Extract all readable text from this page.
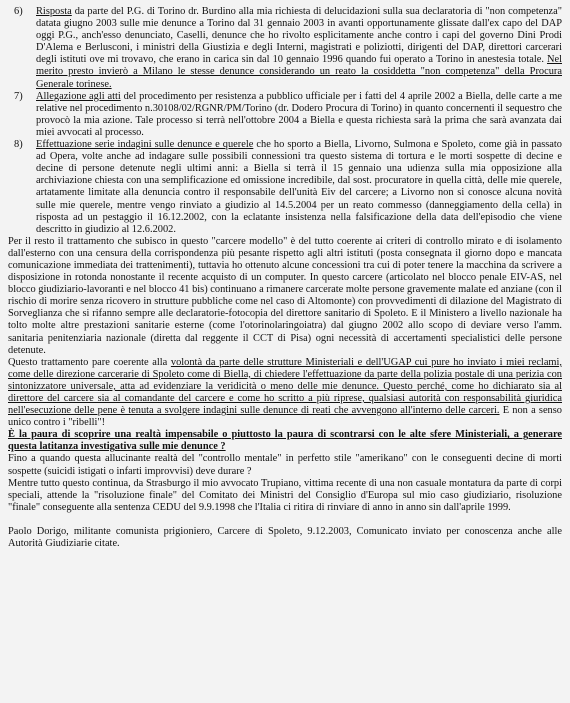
6)	Risposta da parte del P.G. di Torino dr. Burdino alla mia richiesta di delucidazioni sulla sua declaratoria di "non competenza" datata giugno 2003 sulle mie denunce a Torino dal 31 gennaio 2003 in avanti opportunamente glissate dall'ex capo del DAP oggi P.G., anch'esso denunciato, Caselli, denunce che ho rivolto esplicitamente anche contro i capi del governo Dini Prodi D'Alema e Berlusconi, i ministri della Giustizia e degli Interni, magistrati e poliziotti, dirigenti del DAP, direttori carcerari degli istituti ove mi trovavo, che erano in carica sin dal 10 gennaio 1996 quando fui operato a Torino in anestesia totale. Nel merito presto invierò a Milano le stesse denunce considerando un reato la cosiddetta "non competenza" della Procura Generale torinese.

7)	Allegazione agli atti del procedimento per resistenza a pubblico ufficiale per i fatti del 4 aprile 2002 a Biella, delle carte a me relative nel procedimento n.30108/02/RGNR/PM/Torino (dr. Dodero Procura di Torino) in quanto concernenti il sequestro che provocò la mia azione. Tale processo si terrà nell'ottobre 2004 a Biella e questa richiesta sarà la prima che sarà avanzata dai miei avvocati al processo.

8)	Effettuazione serie indagini sulle denunce e querele che ho sporto a Biella, Livorno, Sulmona e Spoleto, come già in passato ad Opera, volte anche ad indagare sulle possibili connessioni tra questo sistema di tortura e le morti sospette di decine e decine di persone detenute negli ultimi anni: a Biella si terrà il 15 gennaio una udienza sulla mia opposizione alla archiviazione chiesta con una semplificazione ed omissione incredibile, dal sost. procuratore in quella città, delle mie querele, artatamente limitate alla denuncia contro il responsabile dell'unità Eiv del carcere; a Livorno non si conosce alcuna novità sulle mie querele, mentre vengo rinviato a giudizio al 14.5.2004 per un reato commesso (danneggiamento della cella) in risposta ad un pestaggio il 16.12.2002, con la eclatante insistenza nella falsificazione della data dell'episodio che viene descritto in giudizio al 12.6.2002.

Per il resto il trattamento che subisco in questo "carcere modello" è del tutto coerente ai criteri di controllo mirato e di isolamento dall'esterno con una censura della corrispondenza più pesante rispetto agli altri istituti (posta consegnata il giorno dopo e mancata comunicazione immediata dei trattenimenti), tuttavia ho ottenuto alcune concessioni tra cui di poter tenere la macchina da scrivere a disposizione in rotonda nonostante il recente acquisto di un computer. In questo carcere (articolato nel blocco penale EIV-AS, nel blocco giudiziario-lavoranti e nel blocco 41 bis) continuano a rimanere carcerate molte persone gravemente malate ed anziane (con il rischio di morire senza ricovero in strutture pubbliche come nel caso di Altomonte) con provvedimenti di dilazione del Magistrato di Sorveglianza che si rifanno sempre alle declaratorie-fotocopia del direttore sanitario di Spoleto. E il Ministero a livello nazionale ha tolto molte altre prestazioni sanitarie esterne (come l'otorinolaringoiatra) dal giugno 2002 allo scopo di deviare verso l'amm. sanitaria penitenziaria nazionale (diretta dal reggente il CCT di Pisa) ogni necessità di accertamenti specialistici delle persone detenute.

Questo trattamento pare coerente alla volontà da parte delle strutture Ministeriali e dell'UGAP cui pure ho inviato i miei reclami, come delle direzione carcerarie di Spoleto come di Biella, di chiedere l'effettuazione da parte della polizia postale di una perizia con sintonizzatore universale, atta ad evidenziare la veridicità o meno delle mie denunce. Questo perché, come ho dichiarato sia al direttore del carcere sia al comandante del carcere e come ho scritto a più riprese, qualsiasi autorità con responsabilità giuridica nell'esecuzione delle pene è tenuta a svolgere indagini sulle denunce di reati che avvengono all'interno delle carceri. E non a senso unico contro i "ribelli"!

È la paura di scoprire una realtà impensabile o piuttosto la paura di scontrarsi con le alte sfere Ministeriali, a generare questa latitanza investigativa sulle mie denunce ?

Fino a quando questa allucinante realtà del "controllo mentale" in perfetto stile "amerikano" con le conseguenti decine di morti sospette (suicidi istigati o infarti improvvisi) deve durare ?

Mentre tutto questo continua, da Strasburgo il mio avvocato Trupiano, vittima recente di una non casuale montatura da parte di corpi speciali, attende la "risoluzione finale" del Comitato dei Ministri del Consiglio d'Europa sul mio caso giudiziario, risoluzione "finale" conseguente alla sentenza CEDU del 9.9.1998 che l'Italia ci ritira di rinviare di anno in anno sin dall'aprile 1999.

Paolo Dorigo, militante comunista prigioniero, Carcere di Spoleto, 9.12.2003, Comunicato inviato per conoscenza anche alle Autorità Giudiziarie citate.
